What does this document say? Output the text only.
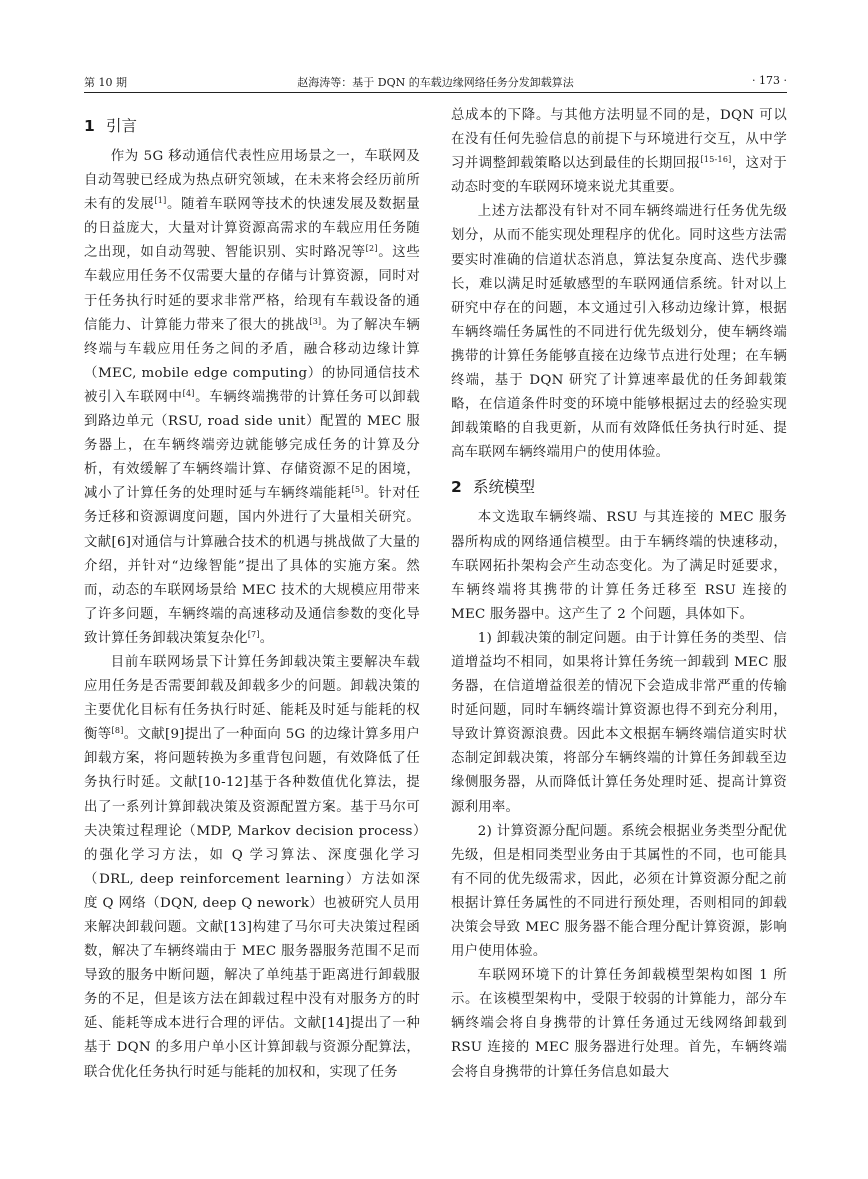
第 10 期	赵海涛等：基于 DQN 的车载边缘网络任务分发卸载算法	· 173 ·
1 引言

作为 5G 移动通信代表性应用场景之一，车联网及自动驾驶已经成为热点研究领域，在未来将会经历前所未有的发展[1]。随着车联网等技术的快速发展及数据量的日益庞大，大量对计算资源高需求的车载应用任务随之出现，如自动驾驶、智能识别、实时路况等[2]。这些车载应用任务不仅需要大量的存储与计算资源，同时对于任务执行时延的要求非常严格，给现有车载设备的通信能力、计算能力带来了很大的挑战[3]。为了解决车辆终端与车载应用任务之间的矛盾，融合移动边缘计算（MEC, mobile edge computing）的协同通信技术被引入车联网中[4]。车辆终端携带的计算任务可以卸载到路边单元（RSU, road side unit）配置的 MEC 服务器上，在车辆终端旁边就能够完成任务的计算及分析，有效缓解了车辆终端计算、存储资源不足的困境，减小了计算任务的处理时延与车辆终端能耗[5]。针对任务迁移和资源调度问题，国内外进行了大量相关研究。文献[6]对通信与计算融合技术的机遇与挑战做了大量的介绍，并针对“边缘智能”提出了具体的实施方案。然而，动态的车联网场景给 MEC 技术的大规模应用带来了许多问题，车辆终端的高速移动及通信参数的变化导致计算任务卸载决策复杂化[7]。

目前车联网场景下计算任务卸载决策主要解决车载应用任务是否需要卸载及卸载多少的问题。卸载决策的主要优化目标有任务执行时延、能耗及时延与能耗的权衡等[8]。文献[9]提出了一种面向 5G 的边缘计算多用户卸载方案，将问题转换为多重背包问题，有效降低了任务执行时延。文献[10-12]基于各种数值优化算法，提出了一系列计算卸载决策及资源配置方案。基于马尔可夫决策过程理论（MDP, Markov decision process）的强化学习方法，如 Q 学习算法、深度强化学习（DRL, deep reinforcement learning）方法如深度 Q 网络（DQN, deep Q nework）也被研究人员用来解决卸载问题。文献[13]构建了马尔可夫决策过程函数，解决了车辆终端由于 MEC 服务器服务范围不足而导致的服务中断问题，解决了单纯基于距离进行卸载服务的不足，但是该方法在卸载过程中没有对服务方的时延、能耗等成本进行合理的评估。文献[14]提出了一种基于 DQN 的多用户单小区计算卸载与资源分配算法，联合优化任务执行时延与能耗的加权和，实现了任务

总成本的下降。与其他方法明显不同的是，DQN 可以在没有任何先验信息的前提下与环境进行交互，从中学习并调整卸载策略以达到最佳的长期回报[15-16]，这对于动态时变的车联网环境来说尤其重要。

上述方法都没有针对不同车辆终端进行任务优先级划分，从而不能实现处理程序的优化。同时这些方法需要实时准确的信道状态消息，算法复杂度高、迭代步骤长，难以满足时延敏感型的车联网通信系统。针对以上研究中存在的问题，本文通过引入移动边缘计算，根据车辆终端任务属性的不同进行优先级划分，使车辆终端携带的计算任务能够直接在边缘节点进行处理；在车辆终端，基于 DQN 研究了计算速率最优的任务卸载策略，在信道条件时变的环境中能够根据过去的经验实现卸载策略的自我更新，从而有效降低任务执行时延、提高车联网车辆终端用户的使用体验。

2 系统模型

本文选取车辆终端、RSU 与其连接的 MEC 服务器所构成的网络通信模型。由于车辆终端的快速移动，车联网拓扑架构会产生动态变化。为了满足时延要求，车辆终端将其携带的计算任务迁移至 RSU 连接的 MEC 服务器中。这产生了 2 个问题，具体如下。

1) 卸载决策的制定问题。由于计算任务的类型、信道增益均不相同，如果将计算任务统一卸载到 MEC 服务器，在信道增益很差的情况下会造成非常严重的传输时延问题，同时车辆终端计算资源也得不到充分利用，导致计算资源浪费。因此本文根据车辆终端信道实时状态制定卸载决策，将部分车辆终端的计算任务卸载至边缘侧服务器，从而降低计算任务处理时延、提高计算资源利用率。

2) 计算资源分配问题。系统会根据业务类型分配优先级，但是相同类型业务由于其属性的不同，也可能具有不同的优先级需求，因此，必须在计算资源分配之前根据计算任务属性的不同进行预处理，否则相同的卸载决策会导致 MEC 服务器不能合理分配计算资源，影响用户使用体验。

车联网环境下的计算任务卸载模型架构如图 1 所示。在该模型架构中，受限于较弱的计算能力，部分车辆终端会将自身携带的计算任务通过无线网络卸载到 RSU 连接的 MEC 服务器进行处理。首先，车辆终端会将自身携带的计算任务信息如最大
